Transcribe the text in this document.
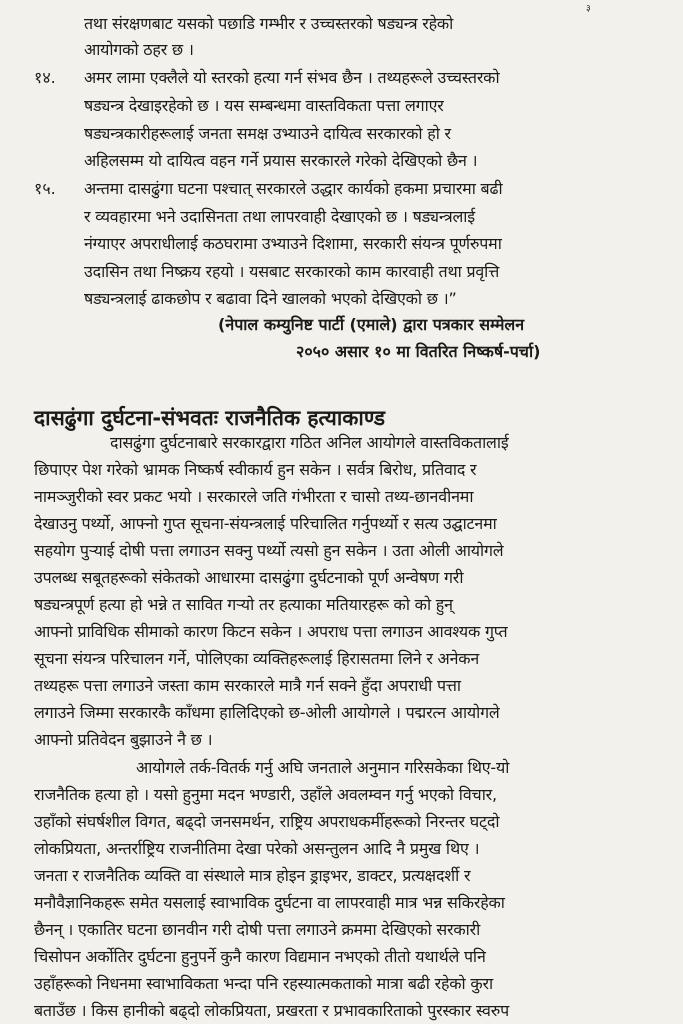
तथा संरक्षणबाट यसको पछाडि गम्भीर र उच्चस्तरको षड्यन्त्र रहेको
आयोगको ठहर छ ।
१४. अमर लामा एक्लैले यो स्तरको हत्या गर्न संभव छैन । तथ्यहरूले उच्चस्तरको
षड्यन्त्र देखाइरहेको छ । यस सम्बन्धमा वास्तविकता पत्ता लगाएर
षड्यन्त्रकारीहरूलाई जनता समक्ष उभ्याउने दायित्व सरकारको हो र
अहिलसम्म यो दायित्व वहन गर्ने प्रयास सरकारले गरेको देखिएको छैन ।
१५. अन्तमा दासढुंगा घटना पश्चात् सरकारले उद्धार कार्यको हकमा प्रचारमा बढी
र व्यवहारमा भने उदासिनता तथा लापरवाही देखाएको छ । षड्यन्त्रलाई
नंग्याएर अपराधीलाई कठघरामा उभ्याउने दिशामा, सरकारी संयन्त्र पूर्णरुपमा
उदासिन तथा निष्क्रय रहयो । यसबाट सरकारको काम कारवाही तथा प्रवृत्ति
षड्यन्त्रलाई ढाकछोप र बढावा दिने खालको भएको देखिएको छ ।”
(नेपाल कम्युनिष्ट पार्टी (एमाले) द्वारा पत्रकार सम्मेलन
२०५० असार १० मा वितरित निष्कर्ष-पर्चा)
दासढुंगा दुर्घटना-संभवतः राजनैतिक हत्याकाण्ड
दासढुंगा दुर्घटनाबारे सरकारद्वारा गठित अनिल आयोगले वास्तविकतालाई
छिपाएर पेश गरेको भ्रामक निष्कर्ष स्वीकार्य हुन सकेन । सर्वत्र बिरोध, प्रतिवाद र
नामञ्जुरीको स्वर प्रकट भयो । सरकारले जति गंभीरता र चासो तथ्य-छानवीनमा
देखाउनु पर्थ्यो, आफ्नो गुप्त सूचना-संयन्त्रलाई परिचालित गर्नुपर्थ्यो र सत्य उद्घाटनमा
सहयोग पुऱ्याई दोषी पत्ता लगाउन सक्नु पर्थ्यो त्यसो हुन सकेन । उता ओली आयोगले
उपलब्ध सबूतहरूको संकेतको आधारमा दासढुंगा दुर्घटनाको पूर्ण अन्वेषण गरी
षड्यन्त्रपूर्ण हत्या हो भन्ने त सावित गऱ्यो तर हत्याका मतियारहरू को को हुन्
आफ्नो प्राविधिक सीमाको कारण किटन सकेन । अपराध पत्ता लगाउन आवश्यक गुप्त
सूचना संयन्त्र परिचालन गर्ने, पोलिएका व्यक्तिहरूलाई हिरासतमा लिने र अनेकन
तथ्यहरू पत्ता लगाउने जस्ता काम सरकारले मात्रै गर्न सक्ने हुँदा अपराधी पत्ता
लगाउने जिम्मा सरकारकै काँधमा हालिदिएको छ-ओली आयोगले । पद्मरत्न आयोगले
आफ्नो प्रतिवेदन बुझाउने नै छ ।
आयोगले तर्क-वितर्क गर्नु अघि जनताले अनुमान गरिसकेका थिए-यो
राजनैतिक हत्या हो । यसो हुनुमा मदन भण्डारी, उहाँले अवलम्वन गर्नु भएको विचार,
उहाँको संघर्षशील विगत, बढ्दो जनसमर्थन, राष्ट्रिय अपराधकर्मीहरूको निरन्तर घट्दो
लोकप्रियता, अन्तर्राष्ट्रिय राजनीतिमा देखा परेको असन्तुलन आदि नै प्रमुख थिए ।
जनता र राजनैतिक व्यक्ति वा संस्थाले मात्र होइन ड्राइभर, डाक्टर, प्रत्यक्षदर्शी र
मनौवैज्ञानिकहरू समेत यसलाई स्वाभाविक दुर्घटना वा लापरवाही मात्र भन्न सकिरहेका
छैनन् । एकातिर घटना छानवीन गरी दोषी पत्ता लगाउने क्रममा देखिएको सरकारी
चिसोपन अर्कोतिर दुर्घटना हुनुपर्ने कुनै कारण विद्यमान नभएको तीतो यथार्थले पनि
उहाँहरूको निधनमा स्वाभाविकता भन्दा पनि रहस्यात्मकताको मात्रा बढी रहेको कुरा
बताउँछ । किस हानीको बढ्दो लोकप्रियता, प्रखरता र प्रभावकारिताको पुरस्कार स्वरुप
३
